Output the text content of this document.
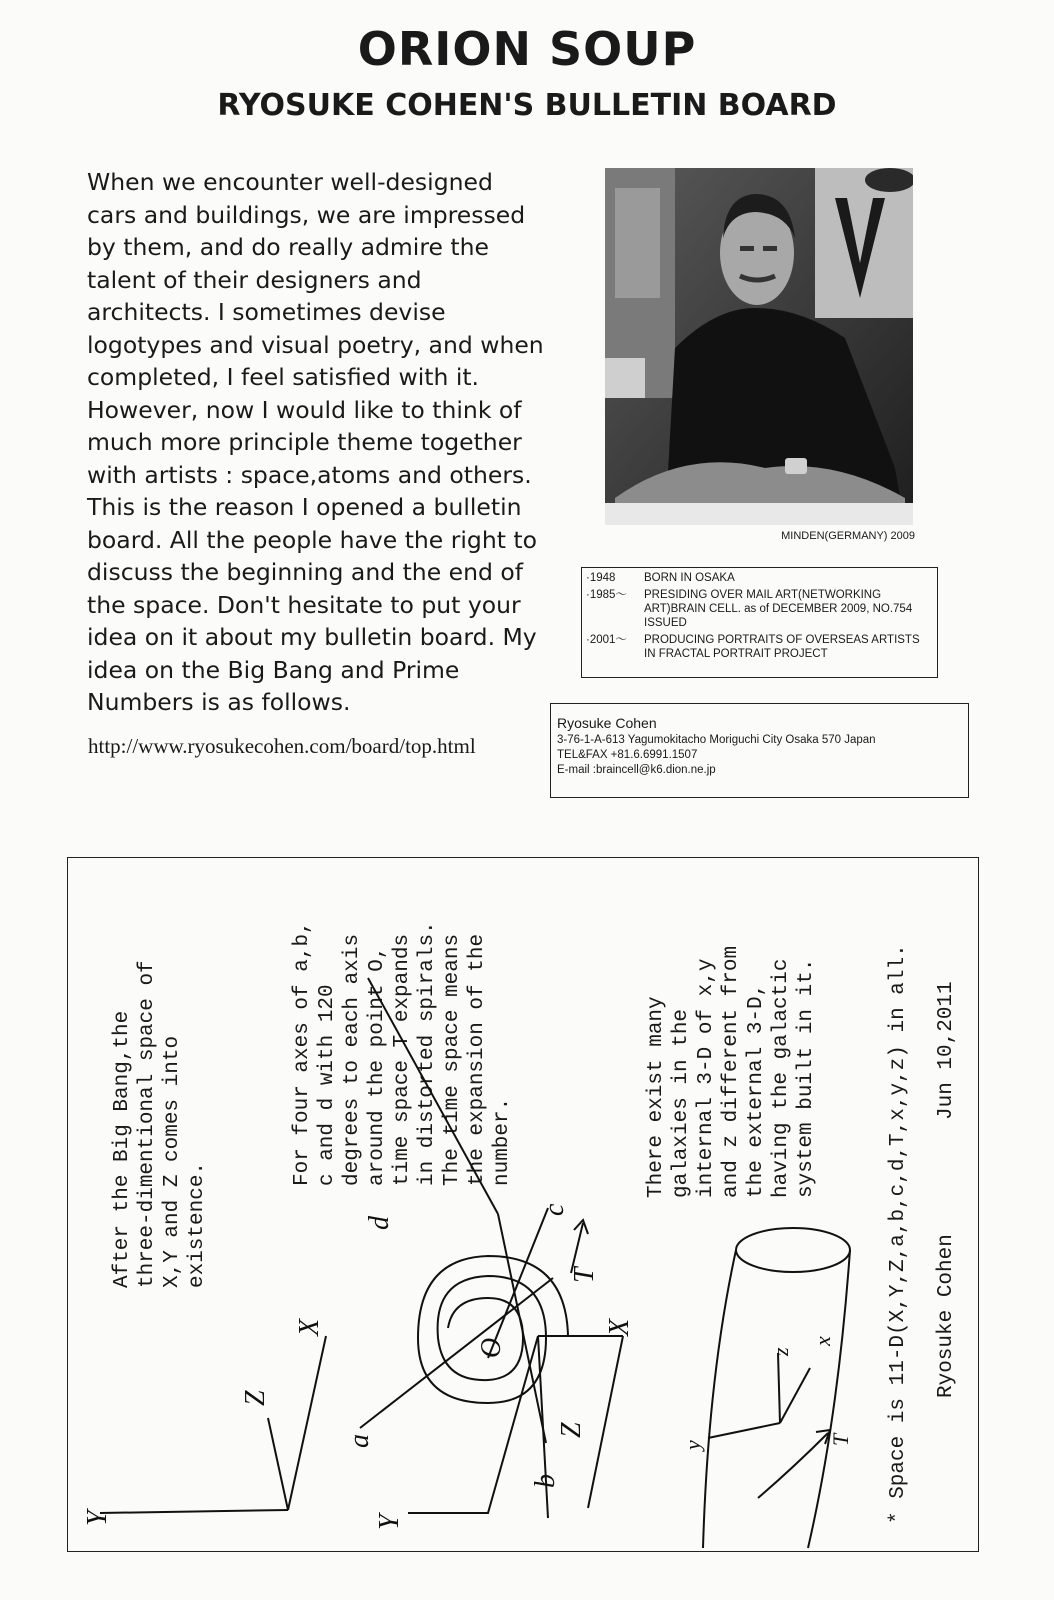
ORION SOUP
RYOSUKE COHEN'S BULLETIN BOARD
When we encounter well-designed
cars and buildings, we are impressed
by them, and do really admire the
talent of their designers and
architects. I sometimes devise
logotypes and visual poetry, and when
completed, I feel satisfied with it.
However, now I would like to think of
much more principle theme together
with artists : space,atoms and others.
This is the reason I opened a bulletin
board. All the people have the right to
discuss the beginning and the end of
the space. Don't hesitate to put your
idea on it about my bulletin board. My
idea on the Big Bang and Prime
Numbers is as follows.
http://www.ryosukecohen.com/board/top.html
MINDEN(GERMANY) 2009
·1948	BORN IN OSAKA
·1985～	PRESIDING OVER MAIL ART(NETWORKING ART)BRAIN CELL. as of DECEMBER 2009, NO.754 ISSUED
·2001～	PRODUCING PORTRAITS OF OVERSEAS ARTISTS IN FRACTAL PORTRAIT PROJECT
Ryosuke Cohen
3-76-1-A-613 Yagumokitacho Moriguchi City Osaka 570 Japan
TEL&FAX +81.6.6991.1507
E-mail :braincell@k6.dion.ne.jp
After the Big Bang,the
three-dimentional space of
X,Y and Z comes into
existence.	For four axes of a,b,
c and d with 120
degrees to each axis
around the point O,
time space T expands
in distorted spirals.
The time space means
the expansion of the
number.	There exist many
galaxies in the
internal 3-D of x,y
and z different from
the external 3-D,
having the galactic
system built in it.	* Space is 11-D(X,Y,Z,a,b,c,d,T,x,y,z) in all. Jun 10,2011
Ryosuke Cohen
X
Z
Y
d
c
T
O
a
b
Z
Y
X
z
x
y	T
